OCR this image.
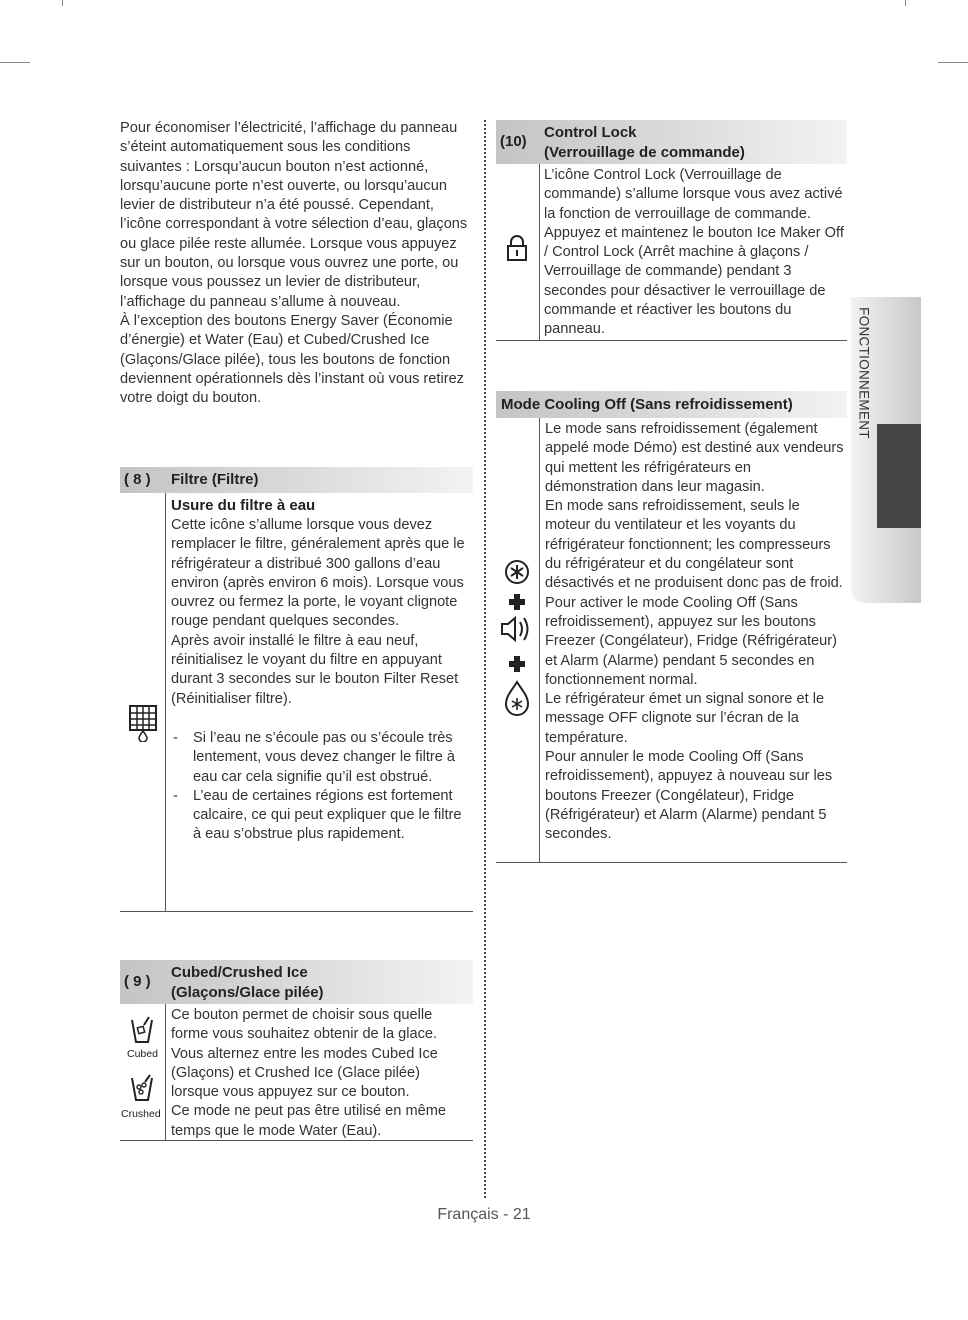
Pour économiser l’électricité, l’affichage du panneau s’éteint automatiquement sous les conditions suivantes : Lorsqu’aucun bouton n’est actionné, lorsqu’aucune porte n’est ouverte, ou lorsqu’aucun levier de distributeur n’a été poussé. Cependant, l’icône correspondant à votre sélection d’eau, glaçons ou glace pilée reste allumée. Lorsque vous appuyez sur un bouton, ou lorsque vous ouvrez une porte, ou lorsque vous poussez un levier de distributeur, l’affichage du panneau s’allume à nouveau.

À l’exception des boutons Energy Saver (Économie d’énergie) et Water (Eau) et Cubed/Crushed Ice (Glaçons/Glace pilée), tous les boutons de fonction deviennent opérationnels dès l’instant où vous retirez votre doigt du bouton.

( 8 ) Filtre (Filtre)
Usure du filtre à eau

Cette icône s’allume lorsque vous devez remplacer le filtre, généralement après que le réfrigérateur a distribué 300 gallons d’eau environ (après environ 6 mois). Lorsque vous ouvrez ou fermez la porte, le voyant clignote rouge pendant quelques secondes.

Après avoir installé le filtre à eau neuf, réinitialisez le voyant du filtre en appuyant durant 3 secondes sur le bouton Filter Reset (Réinitialiser filtre).

- Si l’eau ne s’écoule pas ou s’écoule très lentement, vous devez changer le filtre à eau car cela signifie qu’il est obstrué.

- L’eau de certaines régions est fortement calcaire, ce qui peut expliquer que le filtre à eau s’obstrue plus rapidement.

( 9 )
Cubed/Crushed Ice
(Glaçons/Glace pilée)
Cubed
Crushed

Ce bouton permet de choisir sous quelle forme vous souhaitez obtenir de la glace. Vous alternez entre les modes Cubed Ice (Glaçons) et Crushed Ice (Glace pilée) lorsque vous appuyez sur ce bouton.

Ce mode ne peut pas être utilisé en même temps que le mode Water (Eau).

(10)
Control Lock
(Verrouillage de commande)

L’icône Control Lock (Verrouillage de commande) s’allume lorsque vous avez activé la fonction de verrouillage de commande. Appuyez et maintenez le bouton Ice Maker Off / Control Lock (Arrêt machine à glaçons / Verrouillage de commande) pendant 3 secondes pour désactiver le verrouillage de commande et réactiver les boutons du panneau.

Mode Cooling Off (Sans refroidissement)

Le mode sans refroidissement (également appelé mode Démo) est destiné aux vendeurs qui mettent les réfrigérateurs en démonstration dans leur magasin.

En mode sans refroidissement, seuls le moteur du ventilateur et les voyants du réfrigérateur fonctionnent; les compresseurs du réfrigérateur et du congélateur sont désactivés et ne produisent donc pas de froid.

Pour activer le mode Cooling Off (Sans refroidissement), appuyez sur les boutons Freezer (Congélateur), Fridge (Réfrigérateur) et Alarm (Alarme) pendant 5 secondes en fonctionnement normal.

Le réfrigérateur émet un signal sonore et le message OFF clignote sur l’écran de la température.

Pour annuler le mode Cooling Off (Sans refroidissement), appuyez à nouveau sur les boutons Freezer (Congélateur), Fridge (Réfrigérateur) et Alarm (Alarme) pendant 5 secondes.

FONCTIONNEMENT
Français - 21
